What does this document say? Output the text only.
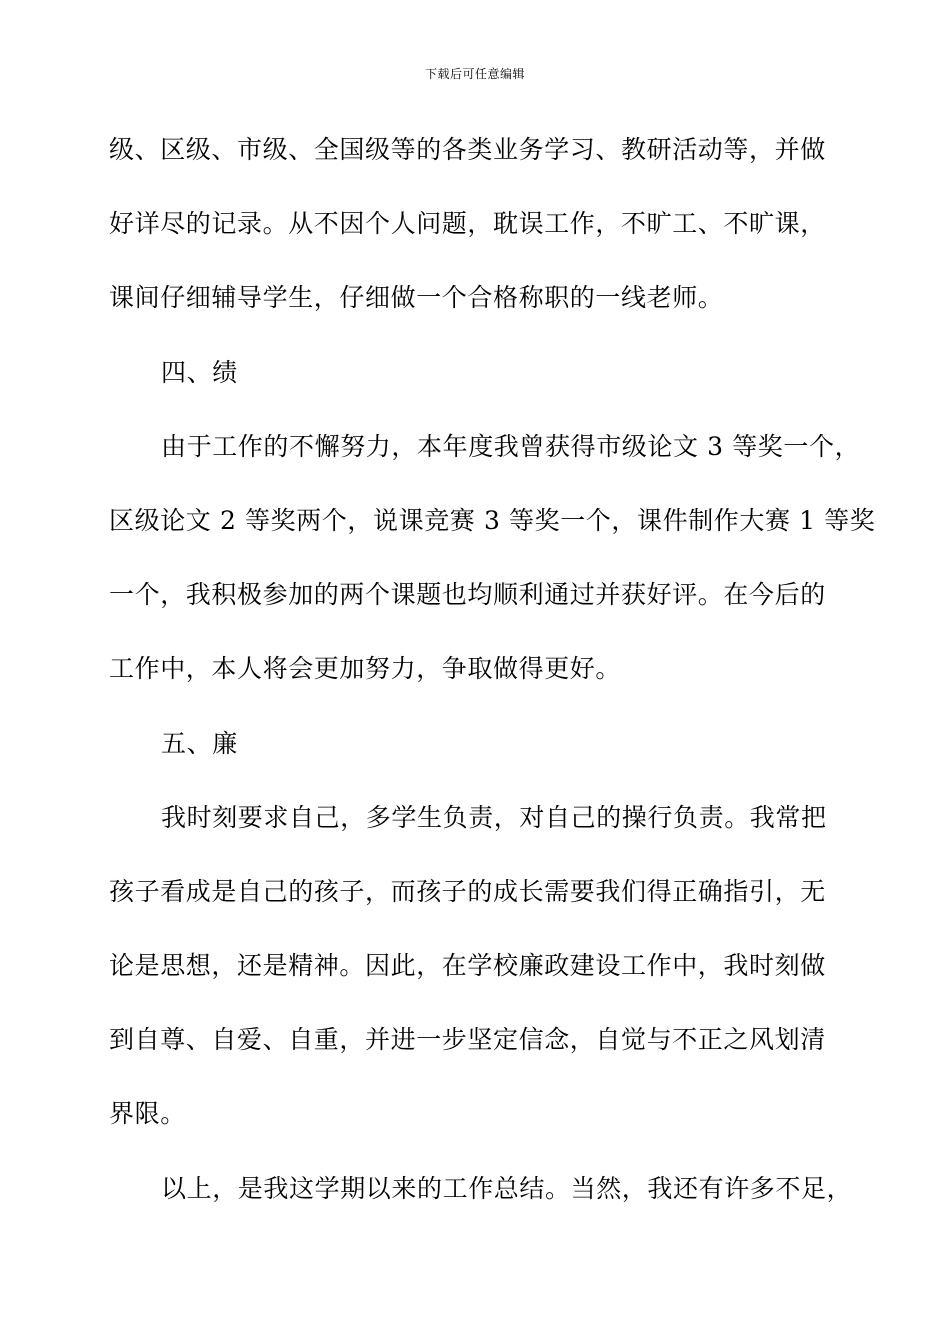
下载后可任意编辑
级、区级、市级、全国级等的各类业务学习、教研活动等，并做
好详尽的记录。从不因个人问题，耽误工作，不旷工、不旷课，
课间仔细辅导学生，仔细做一个合格称职的一线老师。
四、绩
由于工作的不懈努力，本年度我曾获得市级论文 3 等奖一个，
区级论文 2 等奖两个，说课竞赛 3 等奖一个，课件制作大赛 1 等奖
一个，我积极参加的两个课题也均顺利通过并获好评。在今后的
工作中，本人将会更加努力，争取做得更好。
五、廉
我时刻要求自己，多学生负责，对自己的操行负责。我常把
孩子看成是自己的孩子，而孩子的成长需要我们得正确指引，无
论是思想，还是精神。因此，在学校廉政建设工作中，我时刻做
到自尊、自爱、自重，并进一步坚定信念，自觉与不正之风划清
界限。
以上，是我这学期以来的工作总结。当然，我还有许多不足，
